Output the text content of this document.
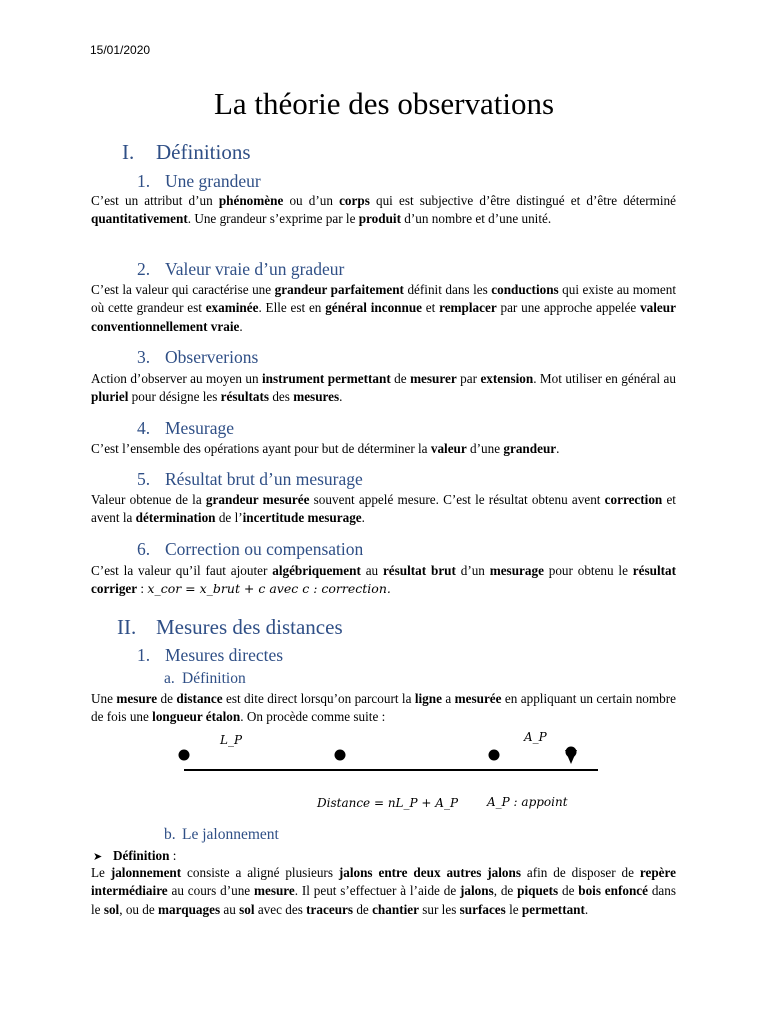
15/01/2020
La théorie des observations
I. Définitions
1. Une grandeur

C’est un attribut d’un phénomène ou d’un corps qui est subjective d’être distingué et d’être déterminé quantitativement. Une grandeur s’exprime par le produit d’un nombre et d’une unité.

2. Valeur vraie d’un gradeur

C’est la valeur qui caractérise une grandeur parfaitement définit dans les conductions qui existe au moment où cette grandeur est examinée. Elle est en général inconnue et remplacer par une approche appelée valeur conventionnellement vraie.

3. Observerions

Action d’observer au moyen un instrument permettant de mesurer par extension. Mot utiliser en général au pluriel pour désigne les résultats des mesures.

4. Mesurage

C’est l’ensemble des opérations ayant pour but de déterminer la valeur d’une grandeur.

5. Résultat brut d’un mesurage

Valeur obtenue de la grandeur mesurée souvent appelé mesure. C’est le résultat obtenu avent correction et avent la détermination de l’incertitude mesurage.

6. Correction ou compensation

C’est la valeur qu’il faut ajouter algébriquement au résultat brut d’un mesurage pour obtenu le résultat corriger : x_cor = x_brut + c avec c : correction.

II. Mesures des distances
1. Mesures directes
a. Définition

Une mesure de distance est dite direct lorsqu’on parcourt la ligne a mesurée en appliquant un certain nombre de fois une longueur étalon. On procède comme suite :

L_P	A_P
Distance = nL_P + A_P A_P : appoint
b. Le jalonnement
➤ Définition :

Le jalonnement consiste a aligné plusieurs jalons entre deux autres jalons afin de disposer de repère intermédiaire au cours d’une mesure. Il peut s’effectuer à l’aide de jalons, de piquets de bois enfoncé dans le sol, ou de marquages au sol avec des traceurs de chantier sur les surfaces le permettant.
